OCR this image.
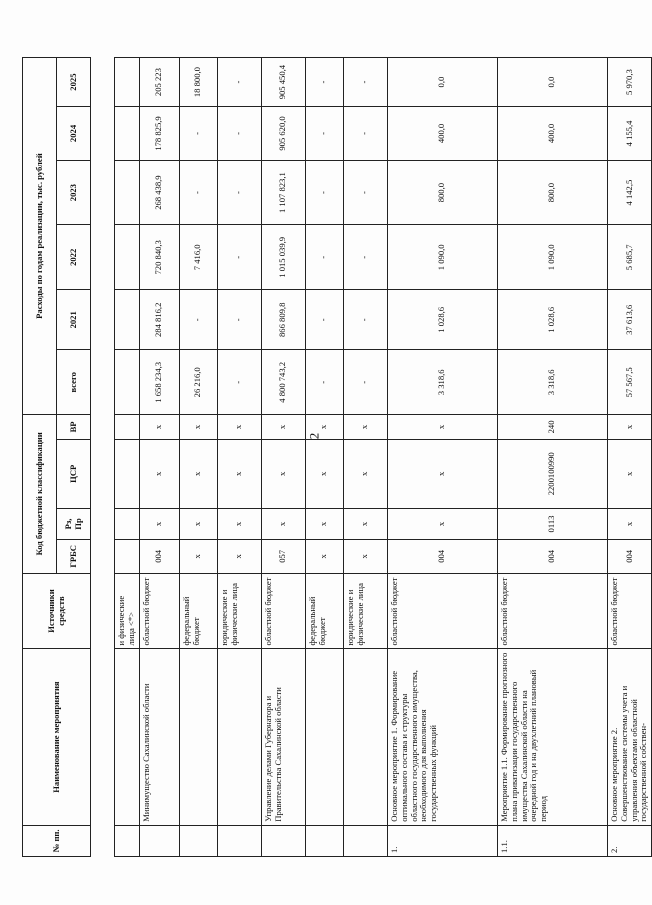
2
№ пп.	Наименование мероприятия	Источники средств	Код бюджетной классификации				Расходы по годам реализации, тыс. рублей					
			ГРБС	Рз, Пр	ЦСР	ВР	всего	2021	2022	2023	2024	2025
		и физические лица <*>										
	Минимущество Сахалинской области	областной бюджет	004	x	x	x	1 658 234,3	284 816,2	720 840,3	268 438,9	178 825,9	205 223
		федеральный бюджет	x	x	x	x	26 216,0	-	7 416,0	-	-	18 800,0
		юридические и физические лица	x	x	x	x	-	-	-	-	-	-
	Управление делами Губернатора и Правительства Сахалинской области	областной бюджет	057	x	x	x	4 800 743,2	866 809,8	1 015 039,9	1 107 823,1	905 620,0	905 450,4
		федеральный бюджет	x	x	x	x	-	-	-	-	-	-
		юридические и физические лица	x	x	x	x	-	-	-	-	-	-
1.	Основное мероприятие 1. Формирование оптимального состава и структуры областного государственного имущества, необходимого для выполнения государственных функций	областной бюджет	004	x	x	x	3 318,6	1 028,6	1 090,0	800,0	400,0	0,0
1.1.	Мероприятие 1.1. Формирование прогнозного плана приватизации государственного имущества Сахалинской области на очередной год и на двухлетний плановый период	областной бюджет	004	0113	2200100990	240	3 318,6	1 028,6	1 090,0	800,0	400,0	0,0
2.	Основное мероприятие 2. Совершенствование системы учета и управления объектами областной государственной собствен-	областной бюджет	004	x	x	x	57 567,5	37 613,6	5 685,7	4 142,5	4 155,4	5 970,3
